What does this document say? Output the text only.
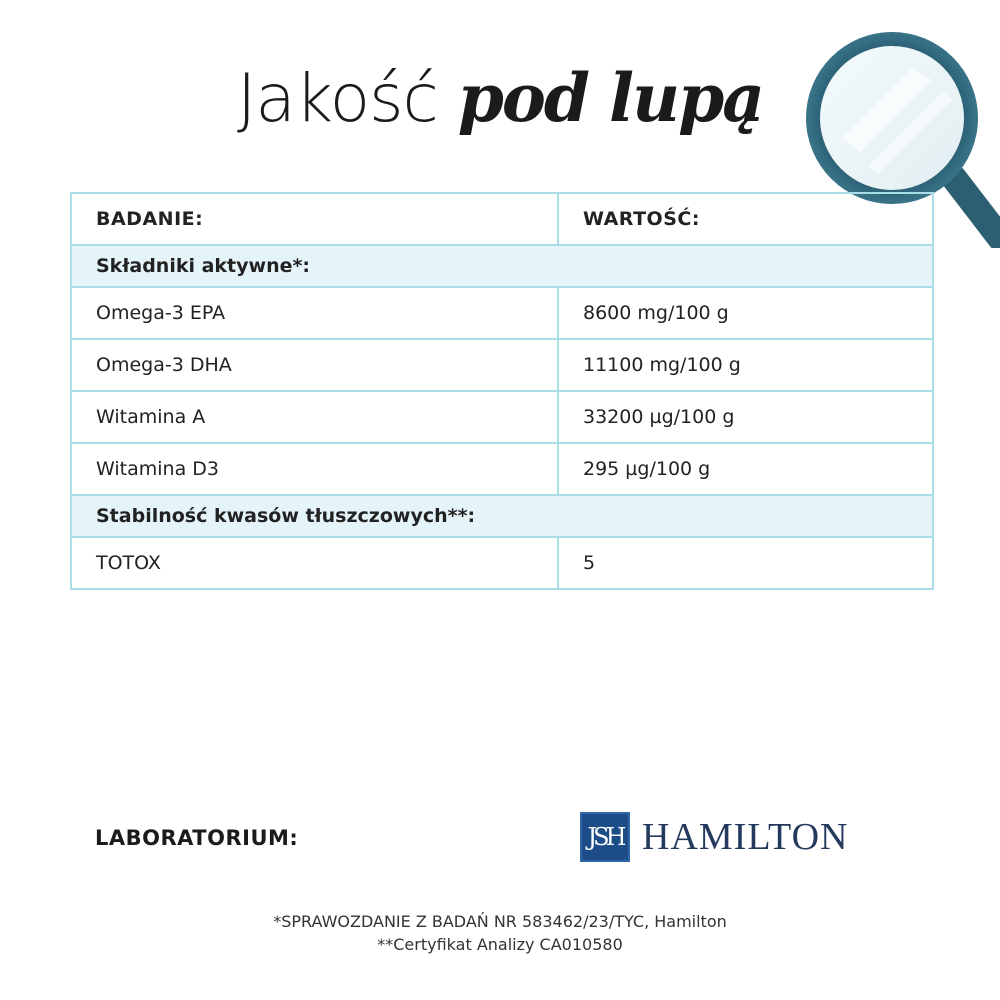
Jakość pod lupą
BADANIE:	WARTOŚĆ:
Składniki aktywne*:	
Omega-3 EPA	8600 mg/100 g
Omega-3 DHA	11100 mg/100 g
Witamina A	33200 µg/100 g
Witamina D3	295 µg/100 g
Stabilność kwasów tłuszczowych**:	
TOTOX	5
LABORATORIUM:	JSH HAMILTON
*SPRAWOZDANIE Z BADAŃ NR 583462/23/TYC, Hamilton
**Certyfikat Analizy CA010580
